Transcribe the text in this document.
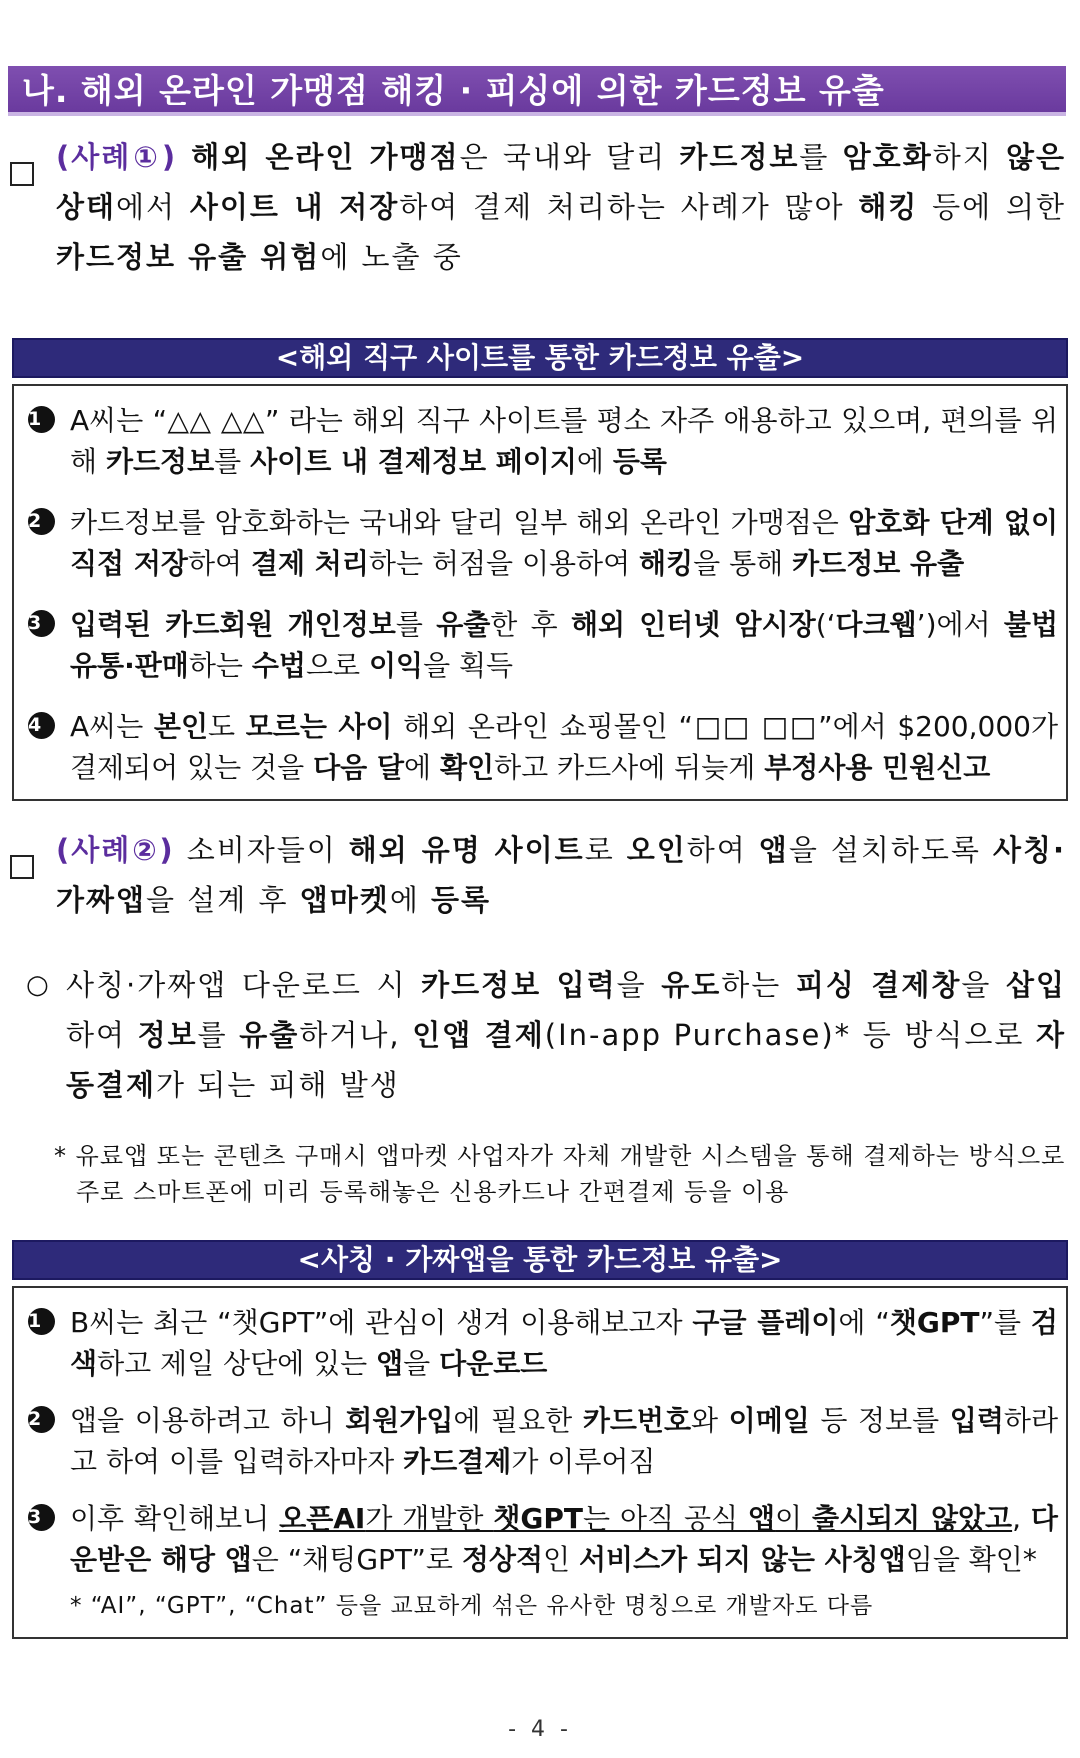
나. 해외 온라인 가맹점 해킹 · 피싱에 의한 카드정보 유출
(사례①) 해외 온라인 가맹점은 국내와 달리 카드정보를 암호화하지 않은 상태에서 사이트 내 저장하여 결제 처리하는 사례가 많아 해킹 등에 의한 카드정보 유출 위험에 노출 중
<해외 직구 사이트를 통한 카드정보 유출>
1	A씨는 “△△ △△” 라는 해외 직구 사이트를 평소 자주 애용하고 있으며, 편의를 위해 카드정보를 사이트 내 결제정보 페이지에 등록
2	카드정보를 암호화하는 국내와 달리 일부 해외 온라인 가맹점은 암호화 단계 없이 직접 저장하여 결제 처리하는 허점을 이용하여 해킹을 통해 카드정보 유출
3	입력된 카드회원 개인정보를 유출한 후 해외 인터넷 암시장(‘다크웹’)에서 불법 유통·판매하는 수법으로 이익을 획득
4	A씨는 본인도 모르는 사이 해외 온라인 쇼핑몰인 “□□ □□”에서 $200,000가 결제되어 있는 것을 다음 달에 확인하고 카드사에 뒤늦게 부정사용 민원신고
(사례②) 소비자들이 해외 유명 사이트로 오인하여 앱을 설치하도록 사칭·가짜앱을 설계 후 앱마켓에 등록
○ 사칭·가짜앱 다운로드 시 카드정보 입력을 유도하는 피싱 결제창을 삽입하여 정보를 유출하거나, 인앱 결제(In-app Purchase)* 등 방식으로 자동결제가 되는 피해 발생
* 유료앱 또는 콘텐츠 구매시 앱마켓 사업자가 자체 개발한 시스템을 통해 결제하는 방식으로 주로 스마트폰에 미리 등록해놓은 신용카드나 간편결제 등을 이용
<사칭 · 가짜앱을 통한 카드정보 유출>
1	B씨는 최근 “챗GPT”에 관심이 생겨 이용해보고자 구글 플레이에 “챗GPT”를 검색하고 제일 상단에 있는 앱을 다운로드
2	앱을 이용하려고 하니 회원가입에 필요한 카드번호와 이메일 등 정보를 입력하라고 하여 이를 입력하자마자 카드결제가 이루어짐
3	이후 확인해보니 오픈AI가 개발한 챗GPT는 아직 공식 앱이 출시되지 않았고, 다운받은 해당 앱은 “채팅GPT”로 정상적인 서비스가 되지 않는 사칭앱임을 확인*
* “AI”, “GPT”, “Chat” 등을 교묘하게 섞은 유사한 명칭으로 개발자도 다름
- 4 -
